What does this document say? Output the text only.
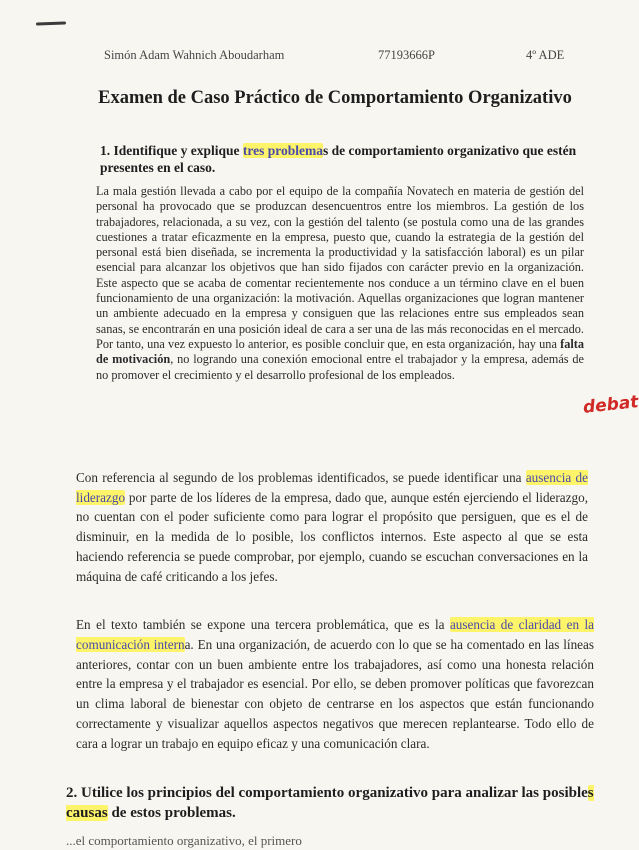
Simón Adam Wahnich Aboudarham	77193666P	4º ADE
Examen de Caso Práctico de Comportamiento Organizativo
1. Identifique y explique tres problemas de comportamiento organizativo que estén presentes en el caso.
La mala gestión llevada a cabo por el equipo de la compañía Novatech en materia de gestión del personal ha provocado que se produzcan desencuentros entre los miembros. La gestión de los trabajadores, relacionada, a su vez, con la gestión del talento (se postula como una de las grandes cuestiones a tratar eficazmente en la empresa, puesto que, cuando la estrategia de la gestión del personal está bien diseñada, se incrementa la productividad y la satisfacción laboral) es un pilar esencial para alcanzar los objetivos que han sido fijados con carácter previo en la organización. Este aspecto que se acaba de comentar recientemente nos conduce a un término clave en el buen funcionamiento de una organización: la motivación. Aquellas organizaciones que logran mantener un ambiente adecuado en la empresa y consiguen que las relaciones entre sus empleados sean sanas, se encontrarán en una posición ideal de cara a ser una de las más reconocidas en el mercado. Por tanto, una vez expuesto lo anterior, es posible concluir que, en esta organización, hay una falta de motivación, no logrando una conexión emocional entre el trabajador y la empresa, además de no promover el crecimiento y el desarrollo profesional de los empleados.
debat
Con referencia al segundo de los problemas identificados, se puede identificar una ausencia de liderazgo por parte de los líderes de la empresa, dado que, aunque estén ejerciendo el liderazgo, no cuentan con el poder suficiente como para lograr el propósito que persiguen, que es el de disminuir, en la medida de lo posible, los conflictos internos. Este aspecto al que se esta haciendo referencia se puede comprobar, por ejemplo, cuando se escuchan conversaciones en la máquina de café criticando a los jefes.
En el texto también se expone una tercera problemática, que es la ausencia de claridad en la comunicación interna. En una organización, de acuerdo con lo que se ha comentado en las líneas anteriores, contar con un buen ambiente entre los trabajadores, así como una honesta relación entre la empresa y el trabajador es esencial. Por ello, se deben promover políticas que favorezcan un clima laboral de bienestar con objeto de centrarse en los aspectos que están funcionando correctamente y visualizar aquellos aspectos negativos que merecen replantearse. Todo ello de cara a lograr un trabajo en equipo eficaz y una comunicación clara.
2. Utilice los principios del comportamiento organizativo para analizar las posibles causas de estos problemas.
...el comportamiento organizativo, el primero
